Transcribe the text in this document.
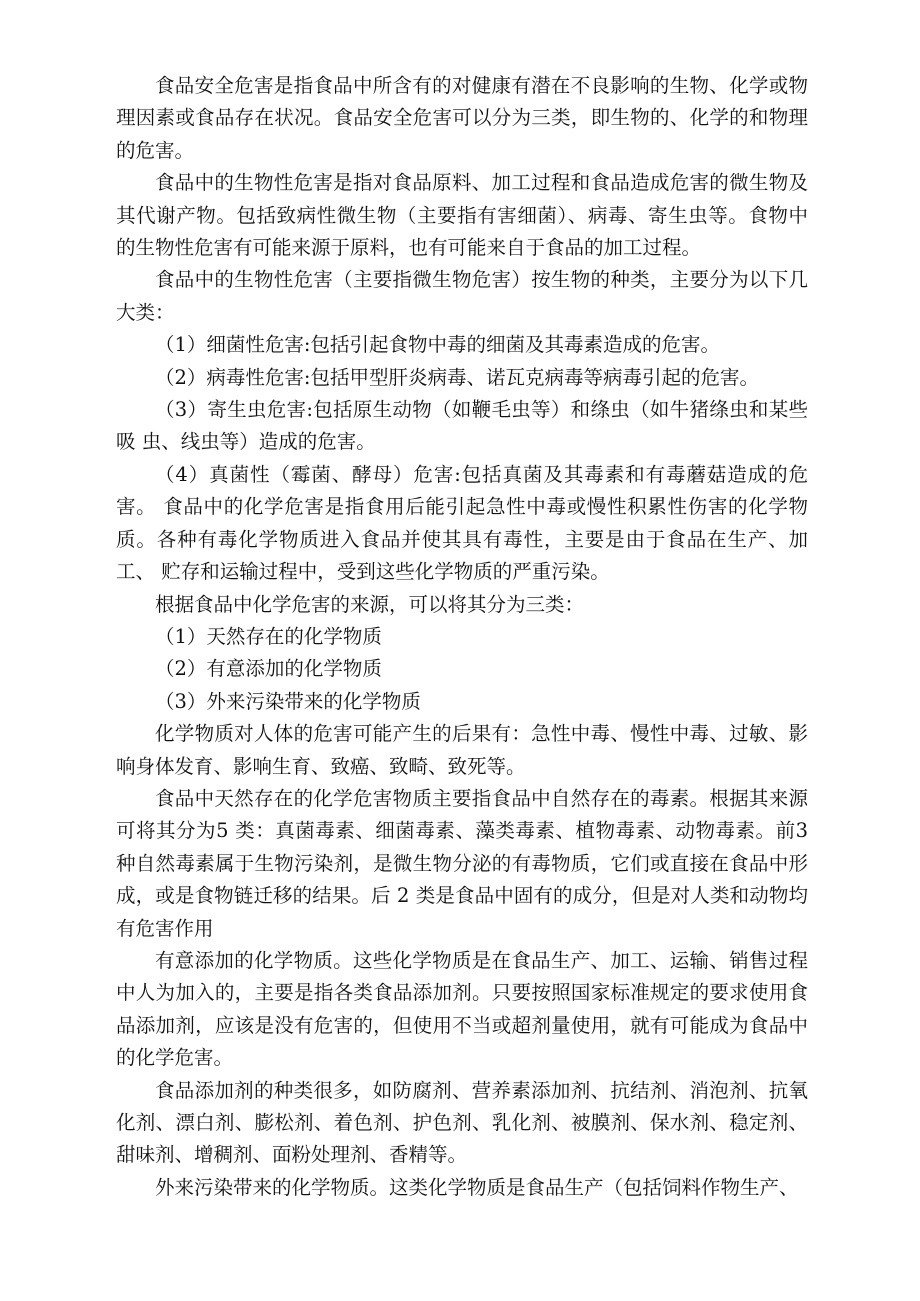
食品安全危害是指食品中所含有的对健康有潜在不良影响的生物、化学或物理因素或食品存在状况。食品安全危害可以分为三类，即生物的、化学的和物理的危害。

食品中的生物性危害是指对食品原料、加工过程和食品造成危害的微生物及其代谢产物。包括致病性微生物（主要指有害细菌）、病毒、寄生虫等。食物中的生物性危害有可能来源于原料，也有可能来自于食品的加工过程。

食品中的生物性危害（主要指微生物危害）按生物的种类，主要分为以下几大类：

（1）细菌性危害:包括引起食物中毒的细菌及其毒素造成的危害。

（2）病毒性危害:包括甲型肝炎病毒、诺瓦克病毒等病毒引起的危害。

（3）寄生虫危害:包括原生动物（如鞭毛虫等）和绦虫（如牛猪绦虫和某些吸 虫、线虫等）造成的危害。

（4）真菌性（霉菌、酵母）危害:包括真菌及其毒素和有毒蘑菇造成的危害。 食品中的化学危害是指食用后能引起急性中毒或慢性积累性伤害的化学物质。各种有毒化学物质进入食品并使其具有毒性，主要是由于食品在生产、加工、 贮存和运输过程中，受到这些化学物质的严重污染。

根据食品中化学危害的来源，可以将其分为三类：

（1）天然存在的化学物质

（2）有意添加的化学物质

（3）外来污染带来的化学物质

化学物质对人体的危害可能产生的后果有：急性中毒、慢性中毒、过敏、影响身体发育、影响生育、致癌、致畸、致死等。

食品中天然存在的化学危害物质主要指食品中自然存在的毒素。根据其来源可将其分为5 类：真菌毒素、细菌毒素、藻类毒素、植物毒素、动物毒素。前3 种自然毒素属于生物污染剂，是微生物分泌的有毒物质，它们或直接在食品中形成，或是食物链迁移的结果。后 2 类是食品中固有的成分，但是对人类和动物均有危害作用

有意添加的化学物质。这些化学物质是在食品生产、加工、运输、销售过程中人为加入的，主要是指各类食品添加剂。只要按照国家标准规定的要求使用食品添加剂，应该是没有危害的，但使用不当或超剂量使用，就有可能成为食品中的化学危害。

食品添加剂的种类很多，如防腐剂、营养素添加剂、抗结剂、消泡剂、抗氧化剂、漂白剂、膨松剂、着色剂、护色剂、乳化剂、被膜剂、保水剂、稳定剂、甜味剂、增稠剂、面粉处理剂、香精等。

外来污染带来的化学物质。这类化学物质是食品生产（包括饲料作物生产、
